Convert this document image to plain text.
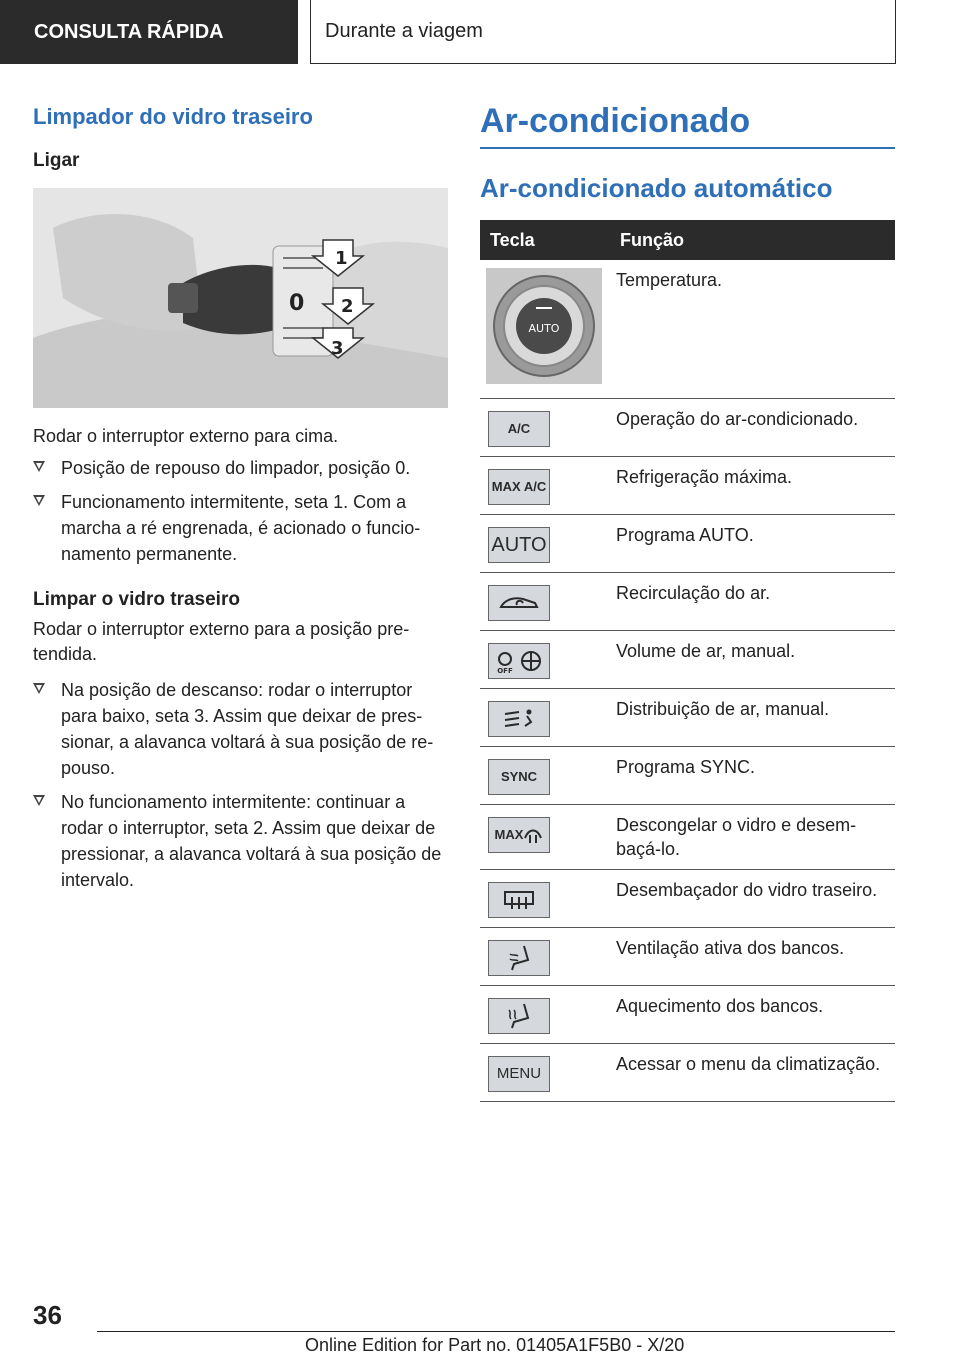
CONSULTA RÁPIDA	Durante a viagem
Limpador do vidro traseiro
Ligar
1
0 2
3

Rodar o interruptor externo para cima.

Posição de repouso do limpador, posição 0.
Funcionamento intermitente, seta 1. Com a marcha a ré engrenada, é acionado o funcionamento permanente.
Limpar o vidro traseiro

Rodar o interruptor externo para a posição pretendida.

Na posição de descanso: rodar o interruptor para baixo, seta 3. Assim que deixar de pressionar, a alavanca voltará à sua posição de repouso.
No funcionamento intermitente: continuar a rodar o interruptor, seta 2. Assim que deixar de pressionar, a alavanca voltará à sua posição de intervalo.
Ar-condicionado
Ar-condicionado automático
Tecla	Função

AUTO	Temperatura.

A/C	Operação do ar-condicionado.

MAX A/C	Refrigeração máxima.

AUTO	Programa AUTO.

	Recirculação do ar.

OFF	Volume de ar, manual.

	Distribuição de ar, manual.

SYNC	Programa SYNC.

MAX	Descongelar o vidro e desembaçá-lo.

	Desembaçador do vidro traseiro.

	Ventilação ativa dos bancos.

	Aquecimento dos bancos.

MENU	Acessar o menu da climatização.
36
Online Edition for Part no. 01405A1F5B0 - X/20
